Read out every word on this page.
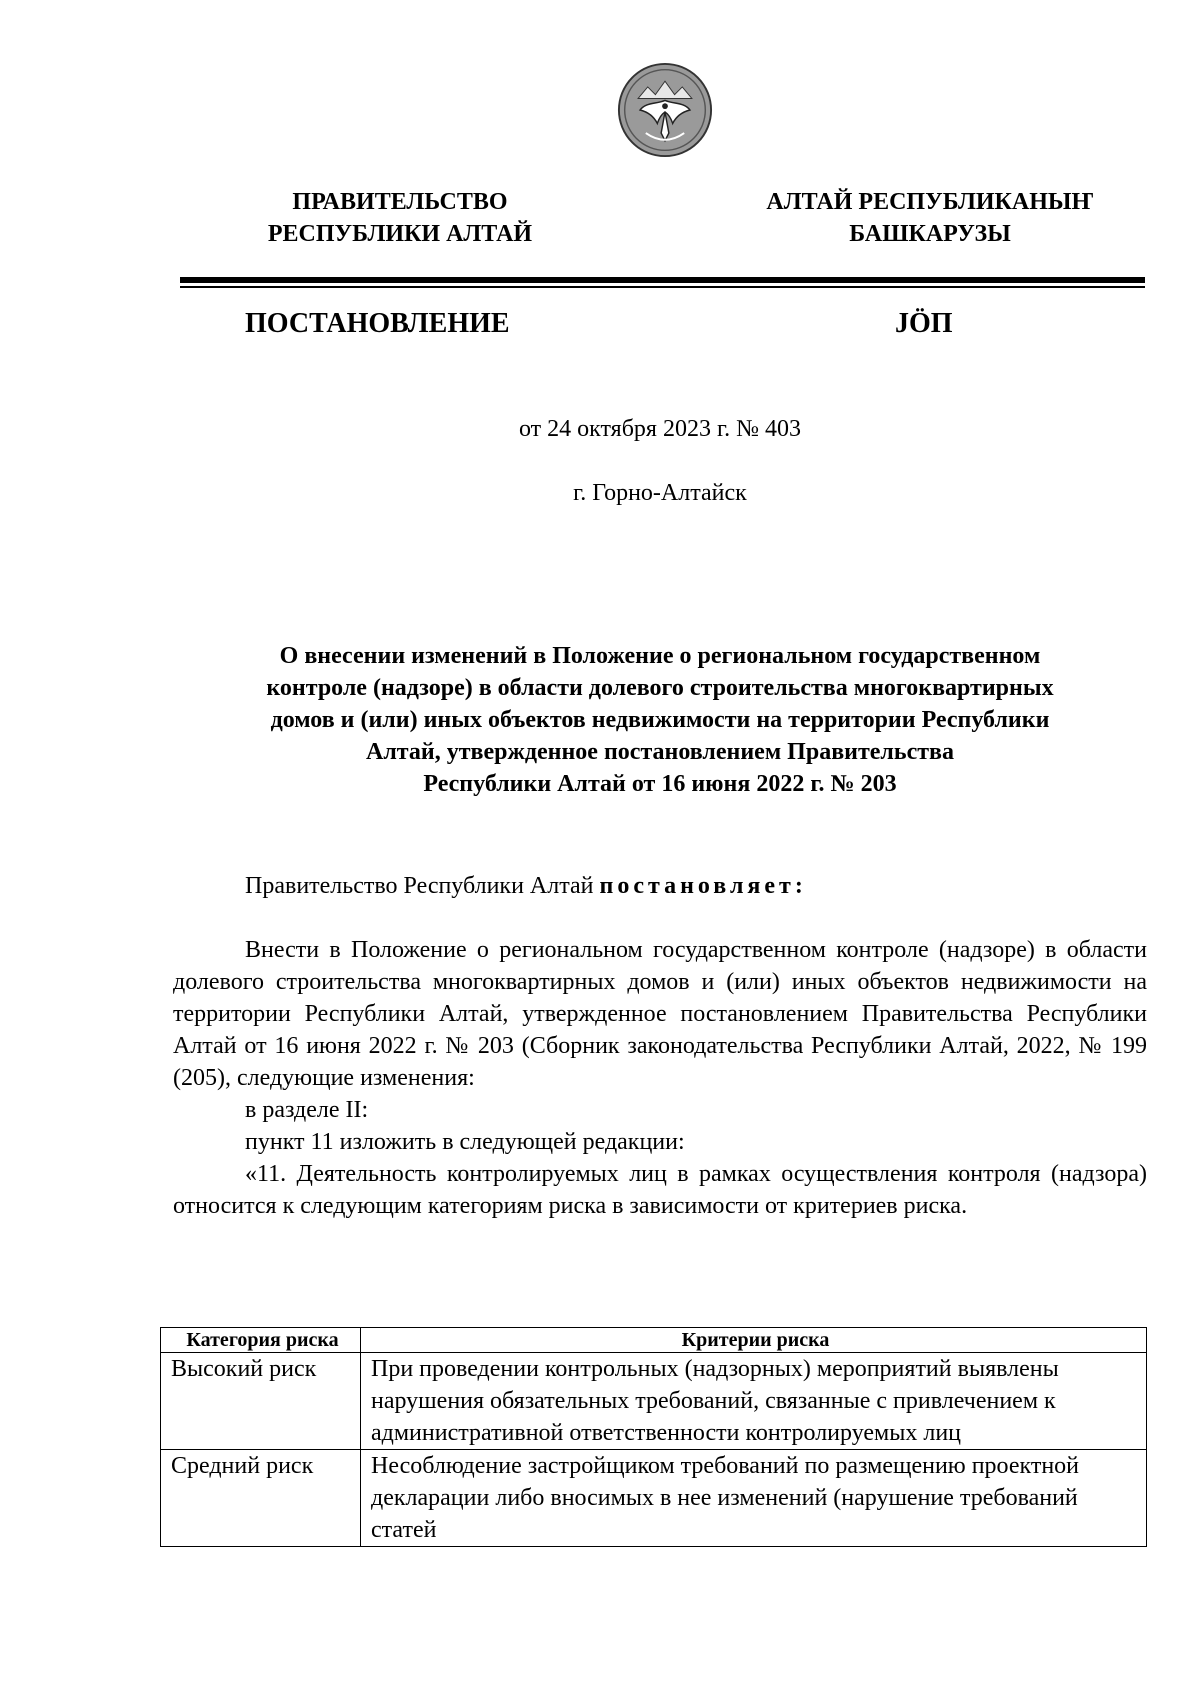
ПРАВИТЕЛЬСТВО
РЕСПУБЛИКИ АЛТАЙ
АЛТАЙ РЕСПУБЛИКАНЫҤ
БАШКАРУЗЫ
ПОСТАНОВЛЕНИЕ	JÖП
от 24 октября 2023 г. № 403
г. Горно-Алтайск
О внесении изменений в Положение о региональном государственном
контроле (надзоре) в области долевого строительства многоквартирных
домов и (или) иных объектов недвижимости на территории Республики
Алтай, утвержденное постановлением Правительства
Республики Алтай от 16 июня 2022 г. № 203
Правительство Республики Алтай постановляет:

Внести в Положение о региональном государственном контроле (надзоре) в области долевого строительства многоквартирных домов и (или) иных объектов недвижимости на территории Республики Алтай, утвержденное постановлением Правительства Республики Алтай от 16 июня 2022 г. № 203 (Сборник законодательства Республики Алтай, 2022, № 199 (205), следующие изменения:

в разделе II:

пункт 11 изложить в следующей редакции:

«11. Деятельность контролируемых лиц в рамках осуществления контроля (надзора) относится к следующим категориям риска в зависимости от критериев риска.

Категория риска	Критерии риска
Высокий риск	При проведении контрольных (надзорных) мероприятий выявлены нарушения обязательных требований, связанные с привлечением к административной ответственности контролируемых лиц
Средний риск	Несоблюдение застройщиком требований по размещению проектной декларации либо вносимых в нее изменений (нарушение требований статей
